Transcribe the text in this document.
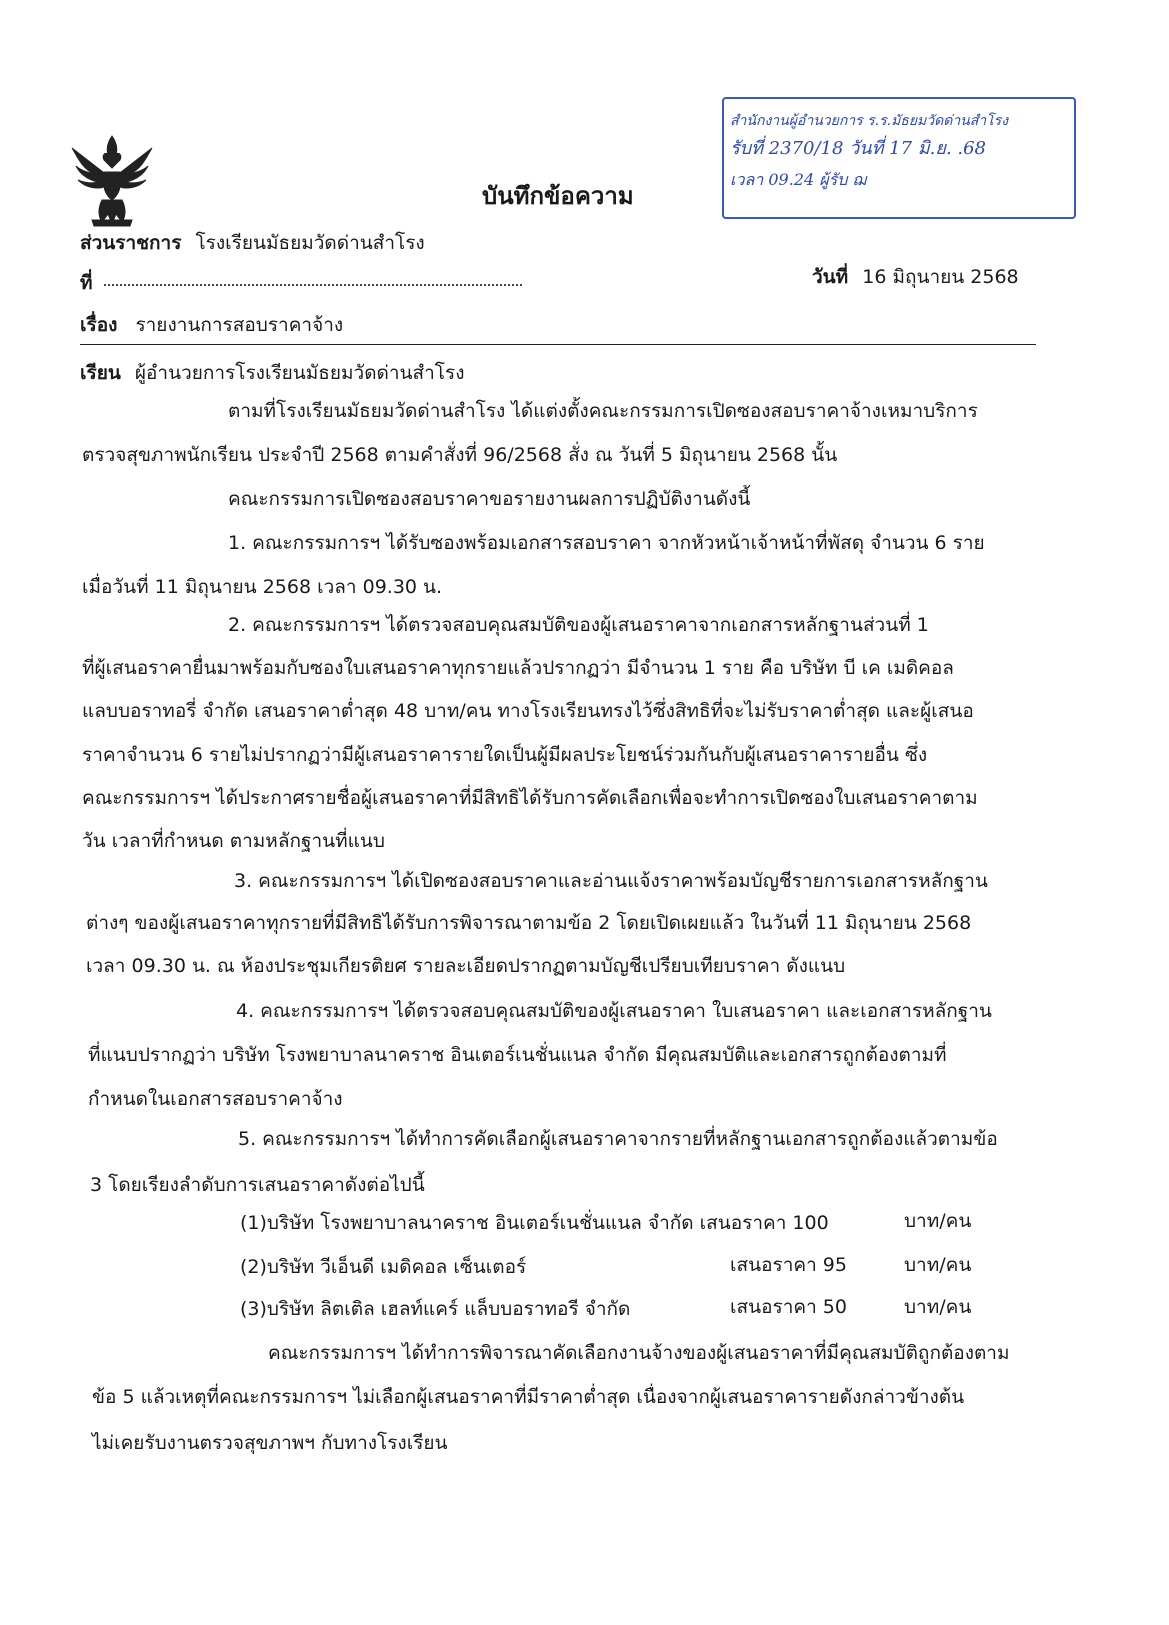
บันทึกข้อความ
สำนักงานผู้อำนวยการ ร.ร.มัธยมวัดด่านสำโรง
รับที่ 2370/18 วันที่ 17 มิ.ย. .68
เวลา 09.24 ผู้รับ ฌ
ส่วนราชการ โรงเรียนมัธยมวัดด่านสำโรง
ที่	วันที่ 16 มิถุนายน 2568
เรื่อง รายงานการสอบราคาจ้าง
เรียน ผู้อำนวยการโรงเรียนมัธยมวัดด่านสำโรง
ตามที่โรงเรียนมัธยมวัดด่านสำโรง ได้แต่งตั้งคณะกรรมการเปิดซองสอบราคาจ้างเหมาบริการ
ตรวจสุขภาพนักเรียน ประจำปี 2568 ตามคำสั่งที่ 96/2568 สั่ง ณ วันที่ 5 มิถุนายน 2568 นั้น
คณะกรรมการเปิดซองสอบราคาขอรายงานผลการปฏิบัติงานดังนี้
1. คณะกรรมการฯ ได้รับซองพร้อมเอกสารสอบราคา จากหัวหน้าเจ้าหน้าที่พัสดุ จำนวน 6 ราย
เมื่อวันที่ 11 มิถุนายน 2568 เวลา 09.30 น.
2. คณะกรรมการฯ ได้ตรวจสอบคุณสมบัติของผู้เสนอราคาจากเอกสารหลักฐานส่วนที่ 1
ที่ผู้เสนอราคายื่นมาพร้อมกับซองใบเสนอราคาทุกรายแล้วปรากฏว่า มีจำนวน 1 ราย คือ บริษัท บี เค เมดิคอล
แลบบอราทอรี่ จำกัด เสนอราคาต่ำสุด 48 บาท/คน ทางโรงเรียนทรงไว้ซึ่งสิทธิที่จะไม่รับราคาต่ำสุด และผู้เสนอ
ราคาจำนวน 6 รายไม่ปรากฏว่ามีผู้เสนอราคารายใดเป็นผู้มีผลประโยชน์ร่วมกันกับผู้เสนอราคารายอื่น ซึ่ง
คณะกรรมการฯ ได้ประกาศรายชื่อผู้เสนอราคาที่มีสิทธิได้รับการคัดเลือกเพื่อจะทำการเปิดซองใบเสนอราคาตาม
วัน เวลาที่กำหนด ตามหลักฐานที่แนบ
3. คณะกรรมการฯ ได้เปิดซองสอบราคาและอ่านแจ้งราคาพร้อมบัญชีรายการเอกสารหลักฐาน
ต่างๆ ของผู้เสนอราคาทุกรายที่มีสิทธิได้รับการพิจารณาตามข้อ 2 โดยเปิดเผยแล้ว ในวันที่ 11 มิถุนายน 2568
เวลา 09.30 น. ณ ห้องประชุมเกียรติยศ รายละเอียดปรากฏตามบัญชีเปรียบเทียบราคา ดังแนบ
4. คณะกรรมการฯ ได้ตรวจสอบคุณสมบัติของผู้เสนอราคา ใบเสนอราคา และเอกสารหลักฐาน
ที่แนบปรากฏว่า บริษัท โรงพยาบาลนาคราช อินเตอร์เนชั่นแนล จำกัด มีคุณสมบัติและเอกสารถูกต้องตามที่
กำหนดในเอกสารสอบราคาจ้าง
5. คณะกรรมการฯ ได้ทำการคัดเลือกผู้เสนอราคาจากรายที่หลักฐานเอกสารถูกต้องแล้วตามข้อ
3 โดยเรียงลำดับการเสนอราคาดังต่อไปนี้
(1)บริษัท โรงพยาบาลนาคราช อินเตอร์เนชั่นแนล จำกัด เสนอราคา 100	บาท/คน
(2)บริษัท วีเอ็นดี เมดิคอล เซ็นเตอร์	เสนอราคา 95	บาท/คน
(3)บริษัท ลิตเติล เฮลท์แคร์ แล็บบอราทอรี จำกัด	เสนอราคา 50	บาท/คน
คณะกรรมการฯ ได้ทำการพิจารณาคัดเลือกงานจ้างของผู้เสนอราคาที่มีคุณสมบัติถูกต้องตาม
ข้อ 5 แล้วเหตุที่คณะกรรมการฯ ไม่เลือกผู้เสนอราคาที่มีราคาต่ำสุด เนื่องจากผู้เสนอราคารายดังกล่าวข้างต้น
ไม่เคยรับงานตรวจสุขภาพฯ กับทางโรงเรียน
